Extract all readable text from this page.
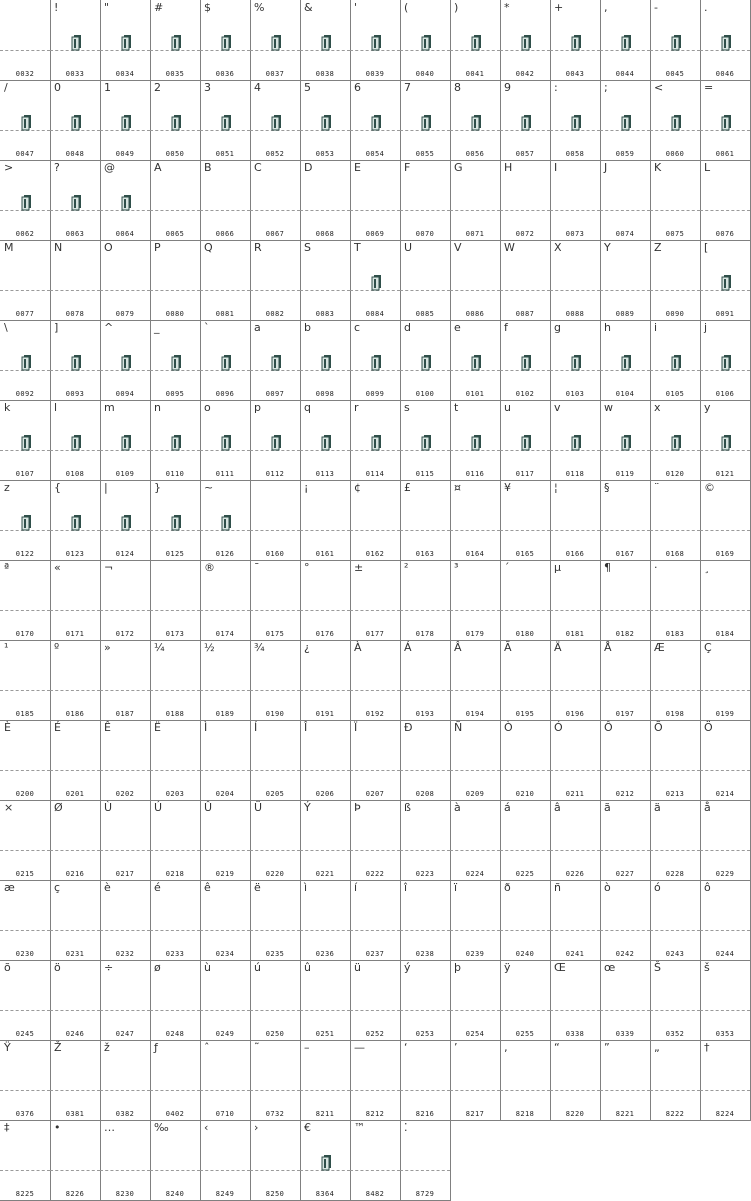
0032
!
0033
"
0034
#
0035
$
0036
%
0037
&
0038
'
0039
(
0040
)
0041
*
0042
+
0043
,
0044
-
0045
.
0046
/
0047
0
0048
1
0049
2
0050
3
0051
4
0052
5
0053
6
0054
7
0055
8
0056
9
0057
:
0058
;
0059
<
0060
=
0061
>
0062
?
0063
@
0064
A
0065
B
0066
C
0067
D
0068
E
0069
F
0070
G
0071
H
0072
I
0073
J
0074
K
0075
L
0076
M
0077
N
0078
O
0079
P
0080
Q
0081
R
0082
S
0083
T
0084
U
0085
V
0086
W
0087
X
0088
Y
0089
Z
0090
[
0091
\
0092
]
0093
^
0094
_
0095
`
0096
a
0097
b
0098
c
0099
d
0100
e
0101
f
0102
g
0103
h
0104
i
0105
j
0106
k
0107
l
0108
m
0109
n
0110
o
0111
p
0112
q
0113
r
0114
s
0115
t
0116
u
0117
v
0118
w
0119
x
0120
y
0121
z
0122
{
0123
|
0124
}
0125
~
0126	0160
¡
0161
¢
0162
£
0163
¤
0164
¥
0165
¦
0166
§
0167
¨
0168
©
0169
ª
0170
«
0171
¬
0172	0173
®
0174
¯
0175
°
0176
±
0177
²
0178
³
0179
´
0180
µ
0181
¶
0182
·
0183
¸
0184
¹
0185
º
0186
»
0187
¼
0188
½
0189
¾
0190
¿
0191
À
0192
Á
0193
Â
0194
Ã
0195
Ä
0196
Å
0197
Æ
0198
Ç
0199
È
0200
É
0201
Ê
0202
Ë
0203
Ì
0204
Í
0205
Î
0206
Ï
0207
Ð
0208
Ñ
0209
Ò
0210
Ó
0211
Ô
0212
Õ
0213
Ö
0214
×
0215
Ø
0216
Ù
0217
Ú
0218
Û
0219
Ü
0220
Ý
0221
Þ
0222
ß
0223
à
0224
á
0225
â
0226
ã
0227
ä
0228
å
0229
æ
0230
ç
0231
è
0232
é
0233
ê
0234
ë
0235
ì
0236
í
0237
î
0238
ï
0239
ð
0240
ñ
0241
ò
0242
ó
0243
ô
0244
õ
0245
ö
0246
÷
0247
ø
0248
ù
0249
ú
0250
û
0251
ü
0252
ý
0253
þ
0254
ÿ
0255
Œ
0338
œ
0339
Š
0352
š
0353
Ÿ
0376
Ž
0381
ž
0382
ƒ
0402
ˆ
0710
˜
0732
–
8211
—
8212
‘
8216
’
8217
‚
8218
“
8220
”
8221
„
8222
†
8224
‡
8225
•
8226
…
8230
‰
8240
‹
8249
›
8250
€
8364
™
8482
⁚
8729
